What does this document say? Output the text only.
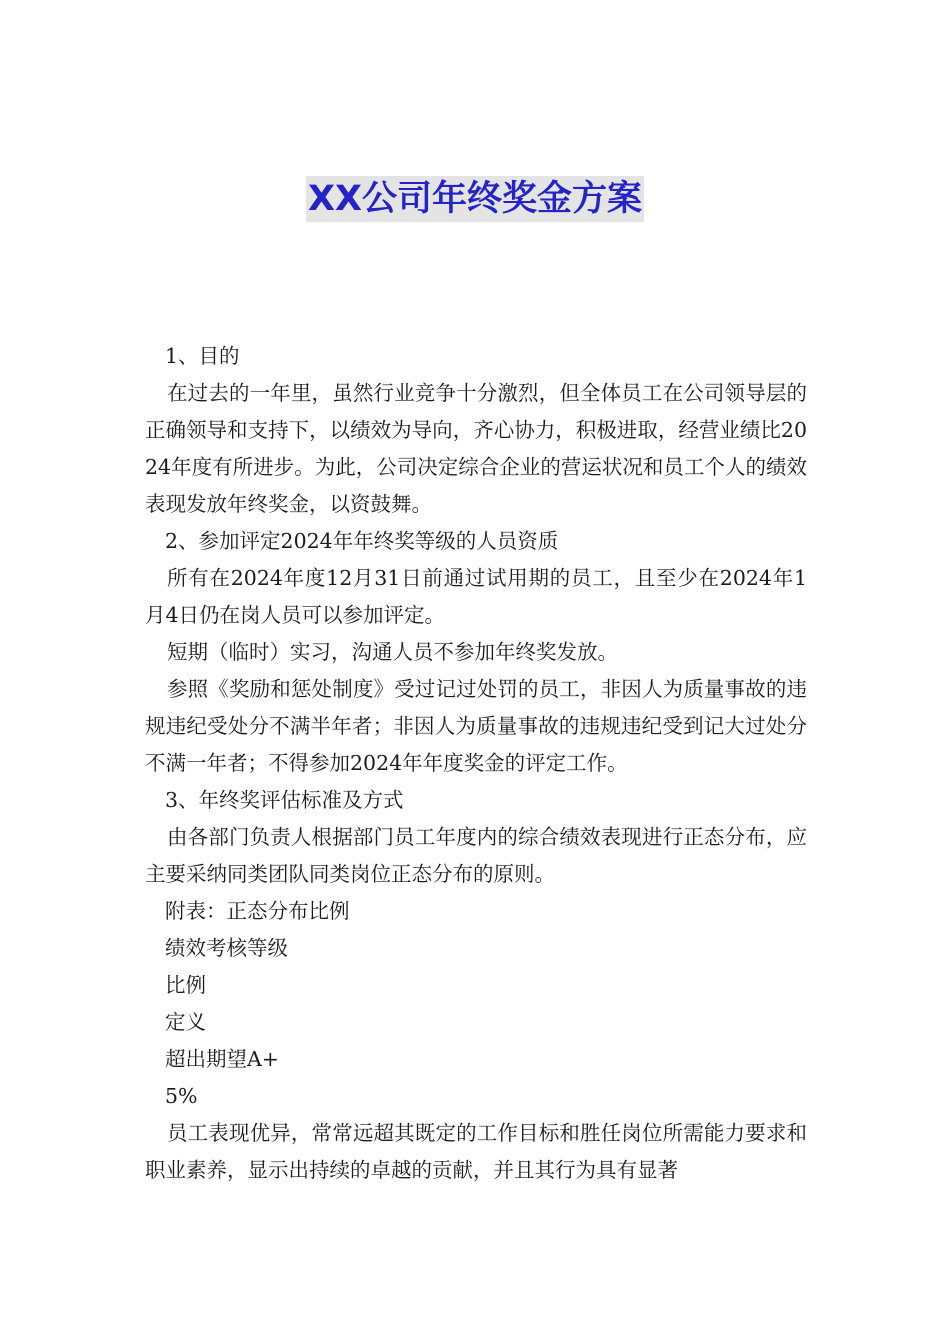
XX公司年终奖金方案

1、目的

在过去的一年里，虽然行业竞争十分激烈，但全体员工在公司领导层的正确领导和支持下，以绩效为导向，齐心协力，积极进取，经营业绩比2024年度有所进步。为此，公司决定综合企业的营运状况和员工个人的绩效表现发放年终奖金，以资鼓舞。

2、参加评定2024年年终奖等级的人员资质

所有在2024年度12月31日前通过试用期的员工，且至少在2024年1月4日仍在岗人员可以参加评定。

短期（临时）实习，沟通人员不参加年终奖发放。

参照《奖励和惩处制度》受过记过处罚的员工，非因人为质量事故的违规违纪受处分不满半年者；非因人为质量事故的违规违纪受到记大过处分不满一年者；不得参加2024年年度奖金的评定工作。

3、年终奖评估标准及方式

由各部门负责人根据部门员工年度内的综合绩效表现进行正态分布，应主要采纳同类团队同类岗位正态分布的原则。

附表：正态分布比例

绩效考核等级

比例

定义

超出期望A+

5%

员工表现优异，常常远超其既定的工作目标和胜任岗位所需能力要求和职业素养，显示出持续的卓越的贡献，并且其行为具有显著
